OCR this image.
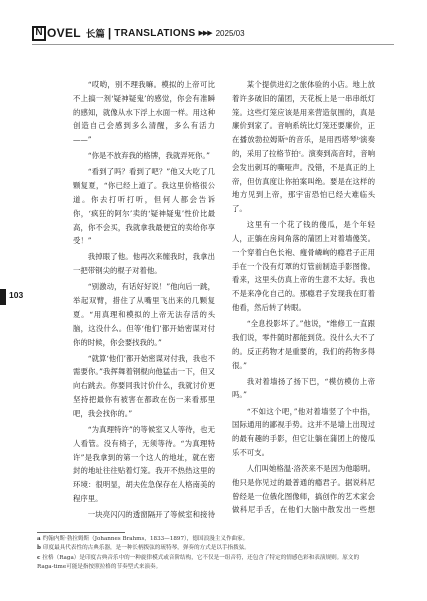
N OVEL 长篇 | TRANSLATIONS ▶▶▶ 2025/03

“哎哟，别不理我嘛。模拟的上帝可比不上搞一剂‘疑神疑鬼’的感觉，你会有准瞬的感知，就像从水下浮上水面一样。用这种创造自己会感到多么清醒，多么有活力——”

“你是不放弃我的格牌，我就弄死你。”

“看到了吗？看到了吧？”他又大吃了几颗复夏，“你已经上道了。我这里价格很公道。你去打听打听，但何人都会告诉你，‘疯狂的阿尔’卖的‘疑神疑鬼’性价比最高，你不会买，我就拿我最便宜的卖给你享受！”

我掉眼了他。他再次来缠我时，我拿出一把带钢尖的棍子对着他。

“别激动，有话好好说！”他向后一跳，举起双臂，措住了从嘴里飞出来的几颗复夏。“用真理和模拟的上帝无法存活的头脑，这没什么。但等‘他们’都开始密谋对付你的时候，你会要找我的。”

“就算‘他们’都开始密谋对付我，我也不需要你。”我挥舞着钢棍向他猛击一下，但又向右跳去。你要同我讨价什么，我就讨价更坚持把最你有被害在都政在伤一来看那里吧，我会找你的。”

“为真理特许”的等候室又人等待，也无人看管。没有椅子，无须等待。“为真理特许”是我拿到的第一个这人的地址，就在密封的地址往往贴着灯笼。我开不热热这里的环境：很明显，胡夫佐急保存在人格南美的程序里。

一块亮闪闪的透窗隔开了等候室和接待

某个提供进幻之旅体验的小店。地上放着许多破旧的蒲团，天花板上是一串串纸灯笼。这些灯笼应该是用来营造氛围的，真是廉价到家了。音响系统比灯笼还要廉价，正在播放勃拉姆斯ᵃ的音乐，是用西塔琴ᵇ演奏的，采用了拉格节拍ᶜ。演奏到高音时，音响会发出刺耳的嘶哑声。没错，不是真正的上帝，但仿真度让你拍案叫绝。要是在这样的地方见到上帝，那宇宙恐怕已经大难临头了。

这里有一个花了钱的傻瓜，是个年轻人，正躺在房间角落的蒲团上对着墙傻笑。一个穿着白色长袍、瘦骨嶙峋的瘾君子正用手在一个没有灯罩的灯管前制造手影图像。看来，这里头仿真上帝的生意不太好。我也不是来净化自己的。那瘾君子发现我在盯着他看，然后转了转眼。

“全息投影坏了。”他说，“维修工一直跟我们说，零件随时都能到货。没什么大不了的。反正药物才是重要的，我们的药物多得很。”

我对着墙扬了扬下巴，“模仿模仿上帝吗。”

“不如这个吧，”他对着墙竖了个中指，国际通用的鄙视手势。这并不是墙上出现过的最有趣的手影，但它让躺在蒲团上的傻瓜乐不可支。

人们叫她格温·洛茨来不是因为他聪明。他只是你见过的最普通的瘾君子。据说科尼曾经是一位俄化图像师，搞创作的艺术家会做科尼手舌，在他们大脑中散发出一些想

103

a 约翰内斯·勃拉姆斯（Johannes Brahms，1833—1897），德国浪漫主义作曲家。

b 印度最具代表性的古典乐器，是一种长柄拨弦的琉特琴，弹奏的方式是以手指拨弦。

c 拉格（Raga）是印度古典音乐中的一种旋律模式或音阶结构，它不仅是一组音符，还包含了特定的情感色彩和表演规则。原文的Raga-time可能是指按照拉格的节奏型式来演奏。
